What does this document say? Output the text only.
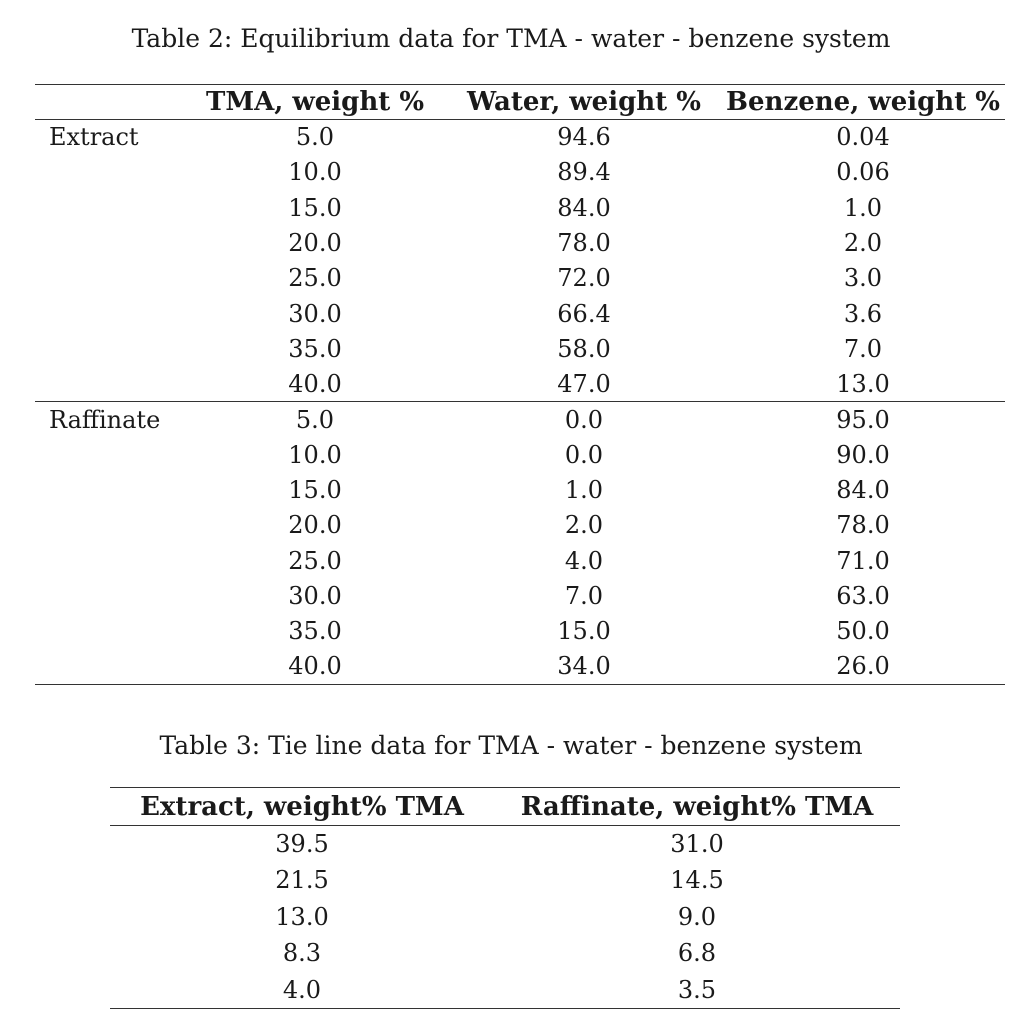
Table 2: Equilibrium data for TMA - water - benzene system
	TMA, weight %	Water, weight %	Benzene, weight %
Extract	5.0	94.6	0.04
	10.0	89.4	0.06
	15.0	84.0	1.0
	20.0	78.0	2.0
	25.0	72.0	3.0
	30.0	66.4	3.6
	35.0	58.0	7.0
	40.0	47.0	13.0
Raffinate	5.0	0.0	95.0
	10.0	0.0	90.0
	15.0	1.0	84.0
	20.0	2.0	78.0
	25.0	4.0	71.0
	30.0	7.0	63.0
	35.0	15.0	50.0
	40.0	34.0	26.0
Table 3: Tie line data for TMA - water - benzene system
Extract, weight% TMA	Raffinate, weight% TMA
39.5	31.0
21.5	14.5
13.0	9.0
8.3	6.8
4.0	3.5
